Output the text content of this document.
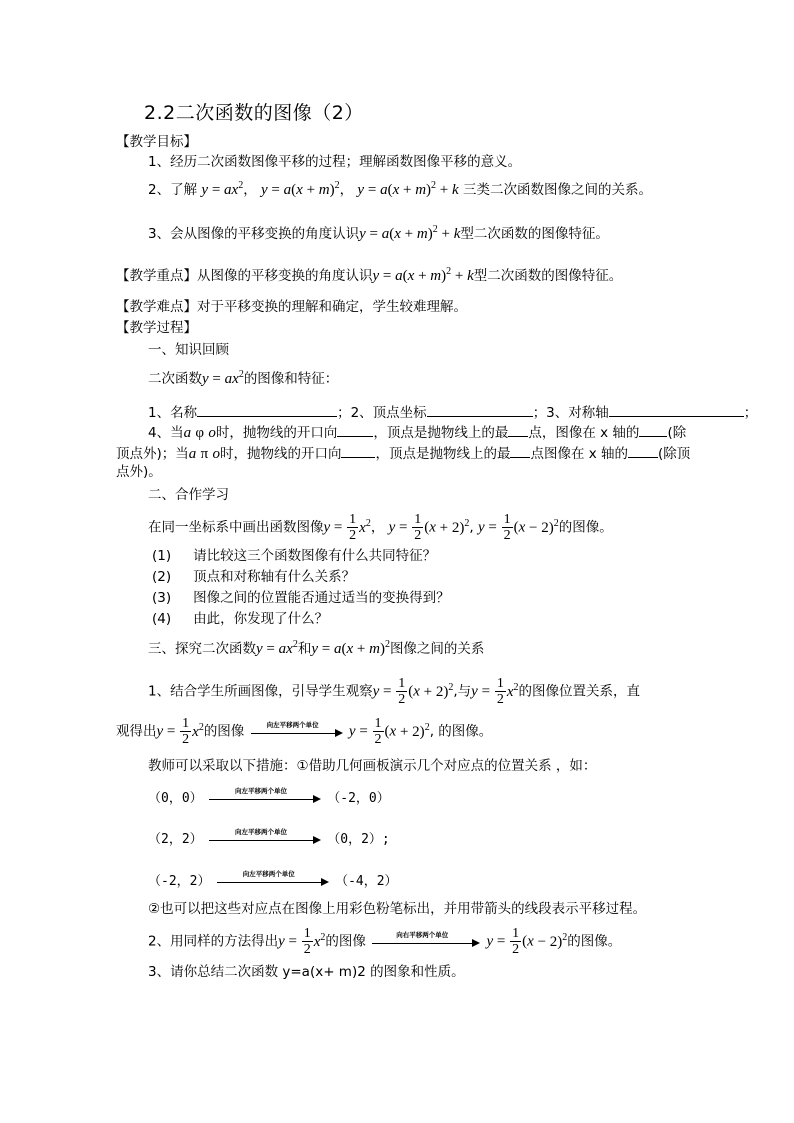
2.2二次函数的图像（2）
【教学目标】
1、经历二次函数图像平移的过程；理解函数图像平移的意义。
2、了解 $y = ax^2$， $y = a(x + m)^2$， $y = a(x + m)^2 + k$ 三类二次函数图像之间的关系。
3、会从图像的平移变换的角度认识$y = a(x + m)^2 + k$型二次函数的图像特征。
【教学重点】从图像的平移变换的角度认识$y = a(x + m)^2 + k$型二次函数的图像特征。
【教学难点】对于平移变换的理解和确定，学生较难理解。
【教学过程】
一、知识回顾
二次函数$y = ax^2$的图像和特征：
1、名称	；2、顶点坐标	；3、对称轴	；
4、当a φ o时，抛物线的开口向	，顶点是抛物线上的最 点，图像在 x 轴的 (除
顶点外)；当a π o时，抛物线的开口向	，顶点是抛物线上的最 点图像在 x 轴的 (除顶
点外)。
二、合作学习
在同一坐标系中画出函数图像$y = \frac{1}{2} x^2$， $y = \frac{1}{2} (x + 2)^2$, $y = \frac{1}{2} (x - 2)^2$的图像。
(1) 请比较这三个函数图像有什么共同特征？
(2) 顶点和对称轴有什么关系？
(3) 图像之间的位置能否通过适当的变换得到？
(4) 由此，你发现了什么？
三、探究二次函数$y = ax^2$和$y = a(x + m)^2$图像之间的关系
1、结合学生所画图像，引导学生观察$y = \frac{1}{2} (x + 2)^2$,与$y = \frac{1}{2} x^2$的图像位置关系，直
观得出$y = \frac{1}{2} x^2$的图像	向左平移两个单位	$y = \frac{1}{2} (x + 2)^2$, 的图像。
教师可以采取以下措施：①借助几何画板演示几个对应点的位置关系 ，如：
（0，0）	向左平移两个单位	（-2，0）
（2，2）	向左平移两个单位	（0，2）;
（-2，2）	向左平移两个单位	（-4，2）
②也可以把这些对应点在图像上用彩色粉笔标出，并用带箭头的线段表示平移过程。
2、用同样的方法得出$y = \frac{1}{2} x^2$的图像	向右平移两个单位	$y = \frac{1}{2} (x - 2)^2$的图像。
3、请你总结二次函数 y=a(x+ m)2 的图象和性质。
